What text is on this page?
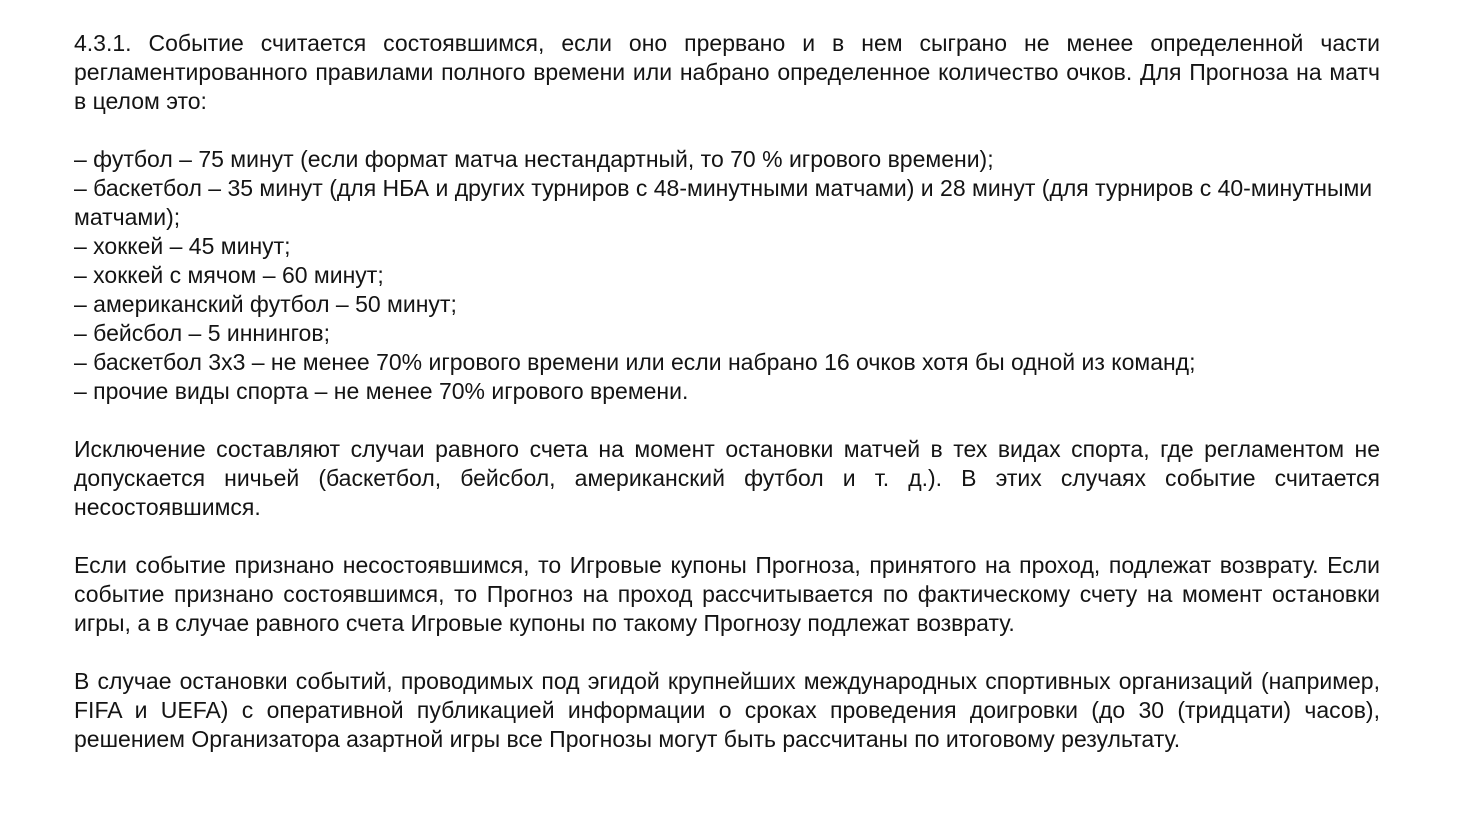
4.3.1. Событие считается состоявшимся, если оно прервано и в нем сыграно не менее определенной части регламентированного правилами полного времени или набрано определенное количество очков. Для Прогноза на матч в целом это:

– футбол – 75 минут (если формат матча нестандартный, то 70 % игрового времени);
– баскетбол – 35 минут (для НБА и других турниров с 48-минутными матчами) и 28 минут (для турниров с 40-минутными матчами);
– хоккей – 45 минут;
– хоккей с мячом – 60 минут;
– американский футбол – 50 минут;
– бейсбол – 5 иннингов;
– баскетбол 3х3 – не менее 70% игрового времени или если набрано 16 очков хотя бы одной из команд;
– прочие виды спорта – не менее 70% игрового времени.

Исключение составляют случаи равного счета на момент остановки матчей в тех видах спорта, где регламентом не допускается ничьей (баскетбол, бейсбол, американский футбол и т. д.). В этих случаях событие считается несостоявшимся.

Если событие признано несостоявшимся, то Игровые купоны Прогноза, принятого на проход, подлежат возврату. Если событие признано состоявшимся, то Прогноз на проход рассчитывается по фактическому счету на момент остановки игры, а в случае равного счета Игровые купоны по такому Прогнозу подлежат возврату.

В случае остановки событий, проводимых под эгидой крупнейших международных спортивных организаций (например, FIFA и UEFA) с оперативной публикацией информации о сроках проведения доигровки (до 30 (тридцати) часов), решением Организатора азартной игры все Прогнозы могут быть рассчитаны по итоговому результату.
